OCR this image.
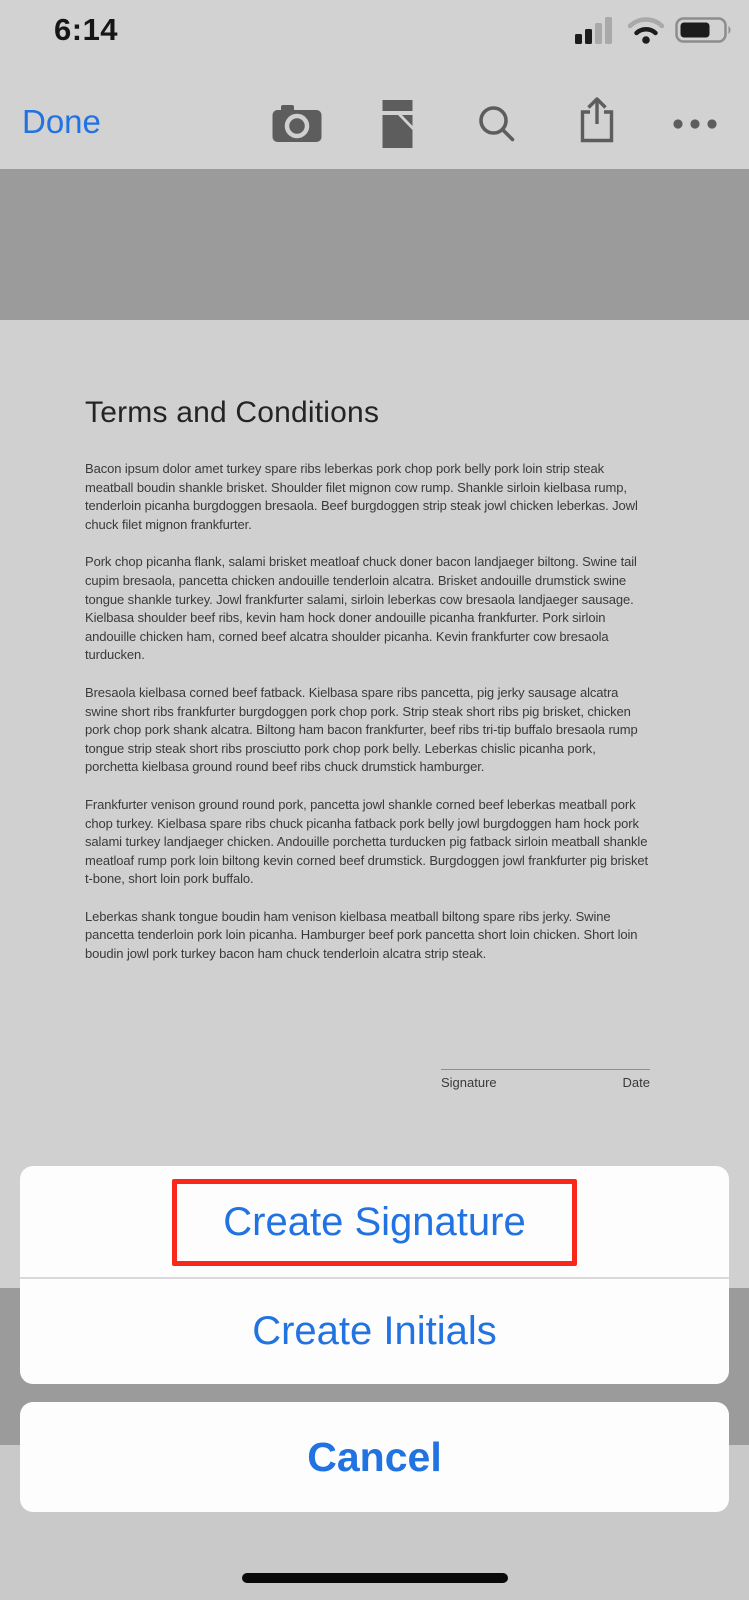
6:14
Done
Terms and Conditions

Bacon ipsum dolor amet turkey spare ribs leberkas pork chop pork belly pork loin strip steak meatball boudin shankle brisket. Shoulder filet mignon cow rump. Shankle sirloin kielbasa rump, tenderloin picanha burgdoggen bresaola. Beef burgdoggen strip steak jowl chicken leberkas. Jowl chuck filet mignon frankfurter.

Pork chop picanha flank, salami brisket meatloaf chuck doner bacon landjaeger biltong. Swine tail cupim bresaola, pancetta chicken andouille tenderloin alcatra. Brisket andouille drumstick swine tongue shankle turkey. Jowl frankfurter salami, sirloin leberkas cow bresaola landjaeger sausage. Kielbasa shoulder beef ribs, kevin ham hock doner andouille picanha frankfurter. Pork sirloin andouille chicken ham, corned beef alcatra shoulder picanha. Kevin frankfurter cow bresaola turducken.

Bresaola kielbasa corned beef fatback. Kielbasa spare ribs pancetta, pig jerky sausage alcatra swine short ribs frankfurter burgdoggen pork chop pork. Strip steak short ribs pig brisket, chicken pork chop pork shank alcatra. Biltong ham bacon frankfurter, beef ribs tri-tip buffalo bresaola rump tongue strip steak short ribs prosciutto pork chop pork belly. Leberkas chislic picanha pork, porchetta kielbasa ground round beef ribs chuck drumstick hamburger.

Frankfurter venison ground round pork, pancetta jowl shankle corned beef leberkas meatball pork chop turkey. Kielbasa spare ribs chuck picanha fatback pork belly jowl burgdoggen ham hock pork salami turkey landjaeger chicken. Andouille porchetta turducken pig fatback sirloin meatball shankle meatloaf rump pork loin biltong kevin corned beef drumstick. Burgdoggen jowl frankfurter pig brisket t-bone, short loin pork buffalo.

Leberkas shank tongue boudin ham venison kielbasa meatball biltong spare ribs jerky. Swine pancetta tenderloin pork loin picanha. Hamburger beef pork pancetta short loin chicken. Short loin boudin jowl pork turkey bacon ham chuck tenderloin alcatra strip steak.

Signature	Date
Create Signature
Create Initials
Cancel
